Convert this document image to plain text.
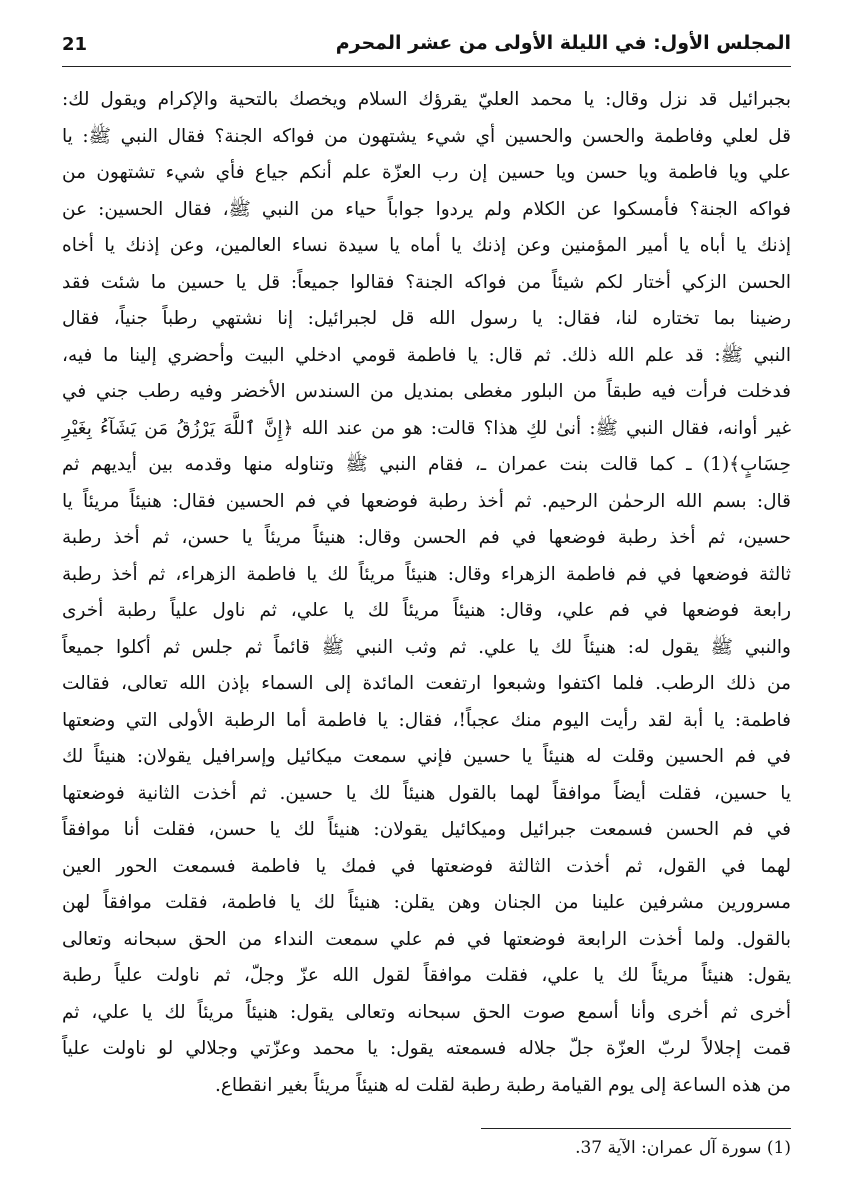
المجلس الأول: في الليلة الأولى من عشر المحرم
21
بجبرائيل قد نزل وقال: يا محمد العليّ يقرؤك السلام ويخصك بالتحية والإكرام ويقول لك:
قل لعلي وفاطمة والحسن والحسين أي شيء يشتهون من فواكه الجنة؟ فقال النبي ﷺ: يا
علي ويا فاطمة ويا حسن ويا حسين إن رب العزّة علم أنكم جياع فأي شيء تشتهون من
فواكه الجنة؟ فأمسكوا عن الكلام ولم يردوا جواباً حياء من النبي ﷺ، فقال الحسين: عن
إذنك يا أباه يا أمير المؤمنين وعن إذنك يا أماه يا سيدة نساء العالمين، وعن إذنك يا أخاه
الحسن الزكي أختار لكم شيئاً من فواكه الجنة؟ فقالوا جميعاً: قل يا حسين ما شئت فقد
رضينا بما تختاره لنا، فقال: يا رسول الله قل لجبرائيل: إنا نشتهي رطباً جنياً، فقال
النبي ﷺ: قد علم الله ذلك. ثم قال: يا فاطمة قومي ادخلي البيت وأحضري إلينا ما فيه،
فدخلت فرأت فيه طبقاً من البلور مغطى بمنديل من السندس الأخضر وفيه رطب جني في
غير أوانه، فقال النبي ﷺ: أنىٰ لكِ هذا؟ قالت: هو من عند الله ﴿إِنَّ ٱللَّهَ يَرْزُقُ مَن يَشَآءُ بِغَيْرِ
حِسَابٍ﴾(1) ـ كما قالت بنت عمران ـ، فقام النبي ﷺ وتناوله منها وقدمه بين أيديهم ثم
قال: بسم الله الرحمٰن الرحيم. ثم أخذ رطبة فوضعها في فم الحسين فقال: هنيئاً مريئاً يا
حسين، ثم أخذ رطبة فوضعها في فم الحسن وقال: هنيئاً مريئاً يا حسن، ثم أخذ رطبة
ثالثة فوضعها في فم فاطمة الزهراء وقال: هنيئاً مريئاً لك يا فاطمة الزهراء، ثم أخذ رطبة
رابعة فوضعها في فم علي، وقال: هنيئاً مريئاً لك يا علي، ثم ناول علياً رطبة أخرى
والنبي ﷺ يقول له: هنيئاً لك يا علي. ثم وثب النبي ﷺ قائماً ثم جلس ثم أكلوا جميعاً
من ذلك الرطب. فلما اكتفوا وشبعوا ارتفعت المائدة إلى السماء بإذن الله تعالى، فقالت
فاطمة: يا أبة لقد رأيت اليوم منك عجباً!، فقال: يا فاطمة أما الرطبة الأولى التي وضعتها
في فم الحسين وقلت له هنيئاً يا حسين فإني سمعت ميكائيل وإسرافيل يقولان: هنيئاً لك
يا حسين، فقلت أيضاً موافقاً لهما بالقول هنيئاً لك يا حسين. ثم أخذت الثانية فوضعتها
في فم الحسن فسمعت جبرائيل وميكائيل يقولان: هنيئاً لك يا حسن، فقلت أنا موافقاً
لهما في القول، ثم أخذت الثالثة فوضعتها في فمك يا فاطمة فسمعت الحور العين
مسرورين مشرفين علينا من الجنان وهن يقلن: هنيئاً لك يا فاطمة، فقلت موافقاً لهن
بالقول. ولما أخذت الرابعة فوضعتها في فم علي سمعت النداء من الحق سبحانه وتعالى
يقول: هنيئاً مريئاً لك يا علي، فقلت موافقاً لقول الله عزّ وجلّ، ثم ناولت علياً رطبة
أخرى ثم أخرى وأنا أسمع صوت الحق سبحانه وتعالى يقول: هنيئاً مريئاً لك يا علي، ثم
قمت إجلالاً لربّ العزّة جلّ جلاله فسمعته يقول: يا محمد وعزّتي وجلالي لو ناولت علياً
من هذه الساعة إلى يوم القيامة رطبة رطبة لقلت له هنيئاً مريئاً بغير انقطاع.
(1) سورة آل عمران: الآية 37.
